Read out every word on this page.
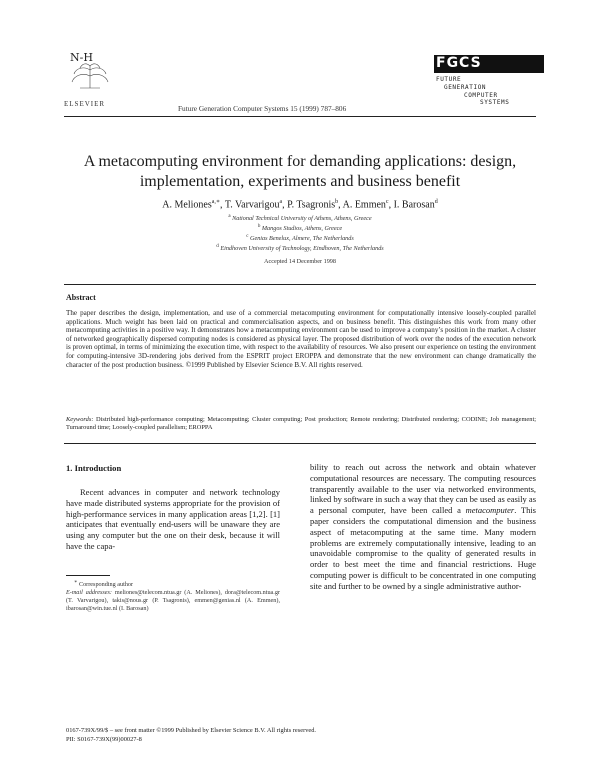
N-H
ELSEVIER	Future Generation Computer Systems 15 (1999) 787–806
FGCS
FUTURE
GENERATION
COMPUTER
SYSTEMS
A metacomputing environment for demanding applications: design, implementation, experiments and business benefit
A. Meliones$^{a,∗}$, T. Varvarigou$^a$, P. Tsagronis$^b$, A. Emmen$^c$, I. Barosan$^d$
$^a$ National Technical University of Athens, Athens, Greece
$^b$ Mangos Studios, Athens, Greece
$^c$ Genias Benelux, Almere, The Netherlands
$^d$ Eindhoven University of Technology, Eindhoven, The Netherlands
Accepted 14 December 1998
Abstract
The paper describes the design, implementation, and use of a commercial metacomputing environment for computationally intensive loosely-coupled parallel applications. Much weight has been laid on practical and commercialisation aspects, and on business benefit. This distinguishes this work from many other metacomputing activities in a positive way. It demonstrates how a metacomputing environment can be used to improve a company’s position in the market. A cluster of networked geographically dispersed computing nodes is considered as physical layer. The proposed distribution of work over the nodes of the execution network is proven optimal, in terms of minimizing the execution time, with respect to the availability of resources. We also present our experience on testing the environment for computing-intensive 3D-rendering jobs derived from the ESPRIT project EROPPA and demonstrate that the new environment can change dramatically the character of the post production business. ©1999 Published by Elsevier Science B.V. All rights reserved.
Keywords: Distributed high-performance computing; Metacomputing; Cluster computing; Post production; Remote rendering; Distributed rendering; CODINE; Job management; Turnaround time; Loosely-coupled parallelism; EROPPA
1. Introduction
Recent advances in computer and network technology have made distributed systems appropriate for the provision of high-performance services in many application areas [1,2]. [1] anticipates that eventually end-users will be unaware they are using any computer but the one on their desk, because it will have the capa-
bility to reach out across the network and obtain whatever computational resources are necessary. The computing resources transparently available to the user via networked environments, linked by software in such a way that they can be used as easily as a personal computer, have been called a metacomputer. This paper considers the computational dimension and the business aspect of metacomputing at the same time. Many modern problems are extremely computationally intensive, leading to an unavoidable compromise to the quality of generated results in order to best meet the time and financial restrictions. Huge computing power is difficult to be concentrated in one computing site and further to be owned by a single administrative author-
∗ Corresponding author
E-mail addresses: meliones@telecom.ntua.gr (A. Meliones), dora@telecom.ntua.gr (T. Varvarigou), takis@nous.gr (P. Tsagronis), emmen@genias.nl (A. Emmen), ibarosan@win.tue.nl (I. Barosan)
0167-739X/99/$ – see front matter ©1999 Published by Elsevier Science B.V. All rights reserved.
PII: S0167-739X(99)00027-8
